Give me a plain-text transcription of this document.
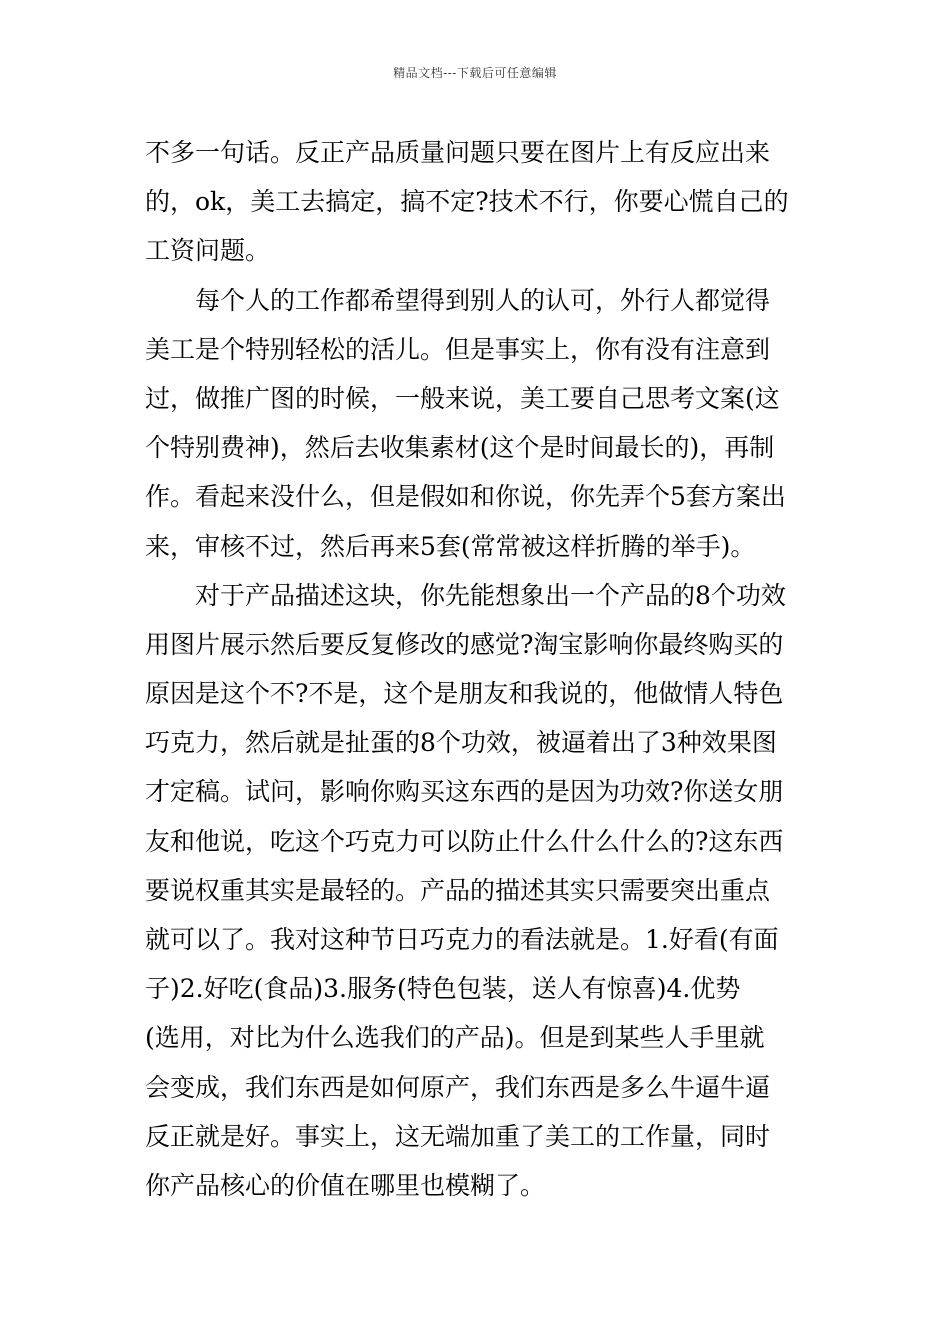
精品文档---下载后可任意编辑
不多一句话。反正产品质量问题只要在图片上有反应出来
的，ok，美工去搞定，搞不定?技术不行，你要心慌自己的
工资问题。
每个人的工作都希望得到别人的认可，外行人都觉得
美工是个特别轻松的活儿。但是事实上，你有没有注意到
过，做推广图的时候，一般来说，美工要自己思考文案(这
个特别费神)，然后去收集素材(这个是时间最长的)，再制
作。看起来没什么，但是假如和你说，你先弄个5套方案出
来，审核不过，然后再来5套(常常被这样折腾的举手)。
对于产品描述这块，你先能想象出一个产品的8个功效
用图片展示然后要反复修改的感觉?淘宝影响你最终购买的
原因是这个不?不是，这个是朋友和我说的，他做情人特色
巧克力，然后就是扯蛋的8个功效，被逼着出了3种效果图
才定稿。试问，影响你购买这东西的是因为功效?你送女朋
友和他说，吃这个巧克力可以防止什么什么什么的?这东西
要说权重其实是最轻的。产品的描述其实只需要突出重点
就可以了。我对这种节日巧克力的看法就是。1.好看(有面
子)2.好吃(食品)3.服务(特色包装，送人有惊喜)4.优势
(选用，对比为什么选我们的产品)。但是到某些人手里就
会变成，我们东西是如何原产，我们东西是多么牛逼牛逼
反正就是好。事实上，这无端加重了美工的工作量，同时
你产品核心的价值在哪里也模糊了。
